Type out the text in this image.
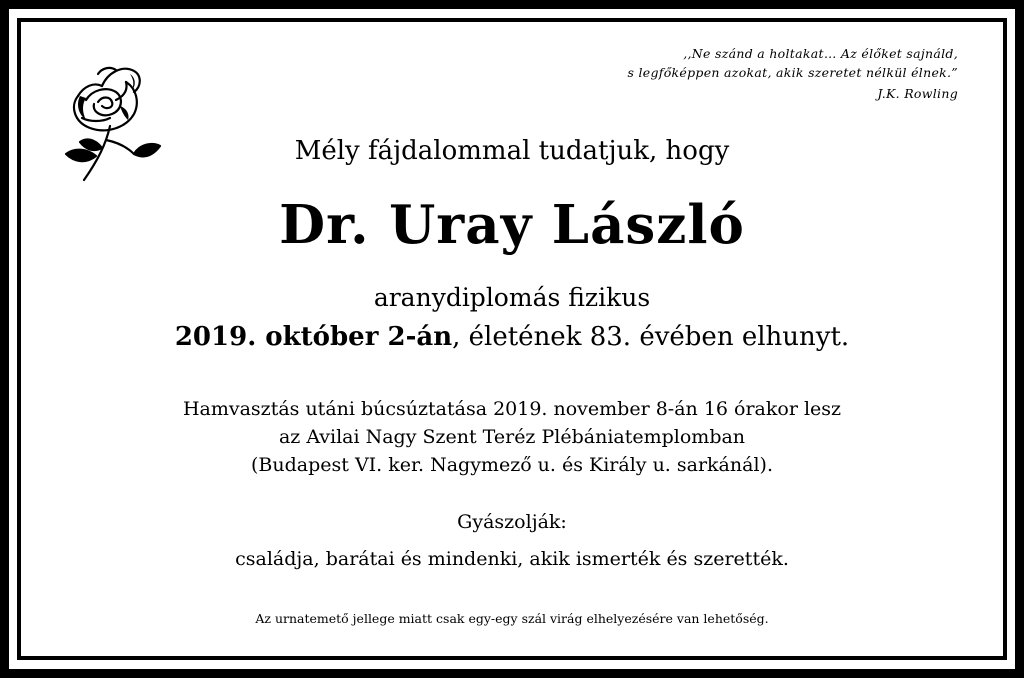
,,Ne szánd a holtakat… Az élőket sajnáld,
s legfőképpen azokat, akik szeretet nélkül élnek.”
J.K. Rowling
Mély fájdalommal tudatjuk, hogy
Dr. Uray László
aranydiplomás fizikus
2019. október 2-án, életének 83. évében elhunyt.
Hamvasztás utáni búcsúztatása 2019. november 8-án 16 órakor lesz
az Avilai Nagy Szent Teréz Plébániatemplomban
(Budapest VI. ker. Nagymező u. és Király u. sarkánál).
Gyászolják:
családja, barátai és mindenki, akik ismerték és szerették.
Az urnatemető jellege miatt csak egy-egy szál virág elhelyezésére van lehetőség.
